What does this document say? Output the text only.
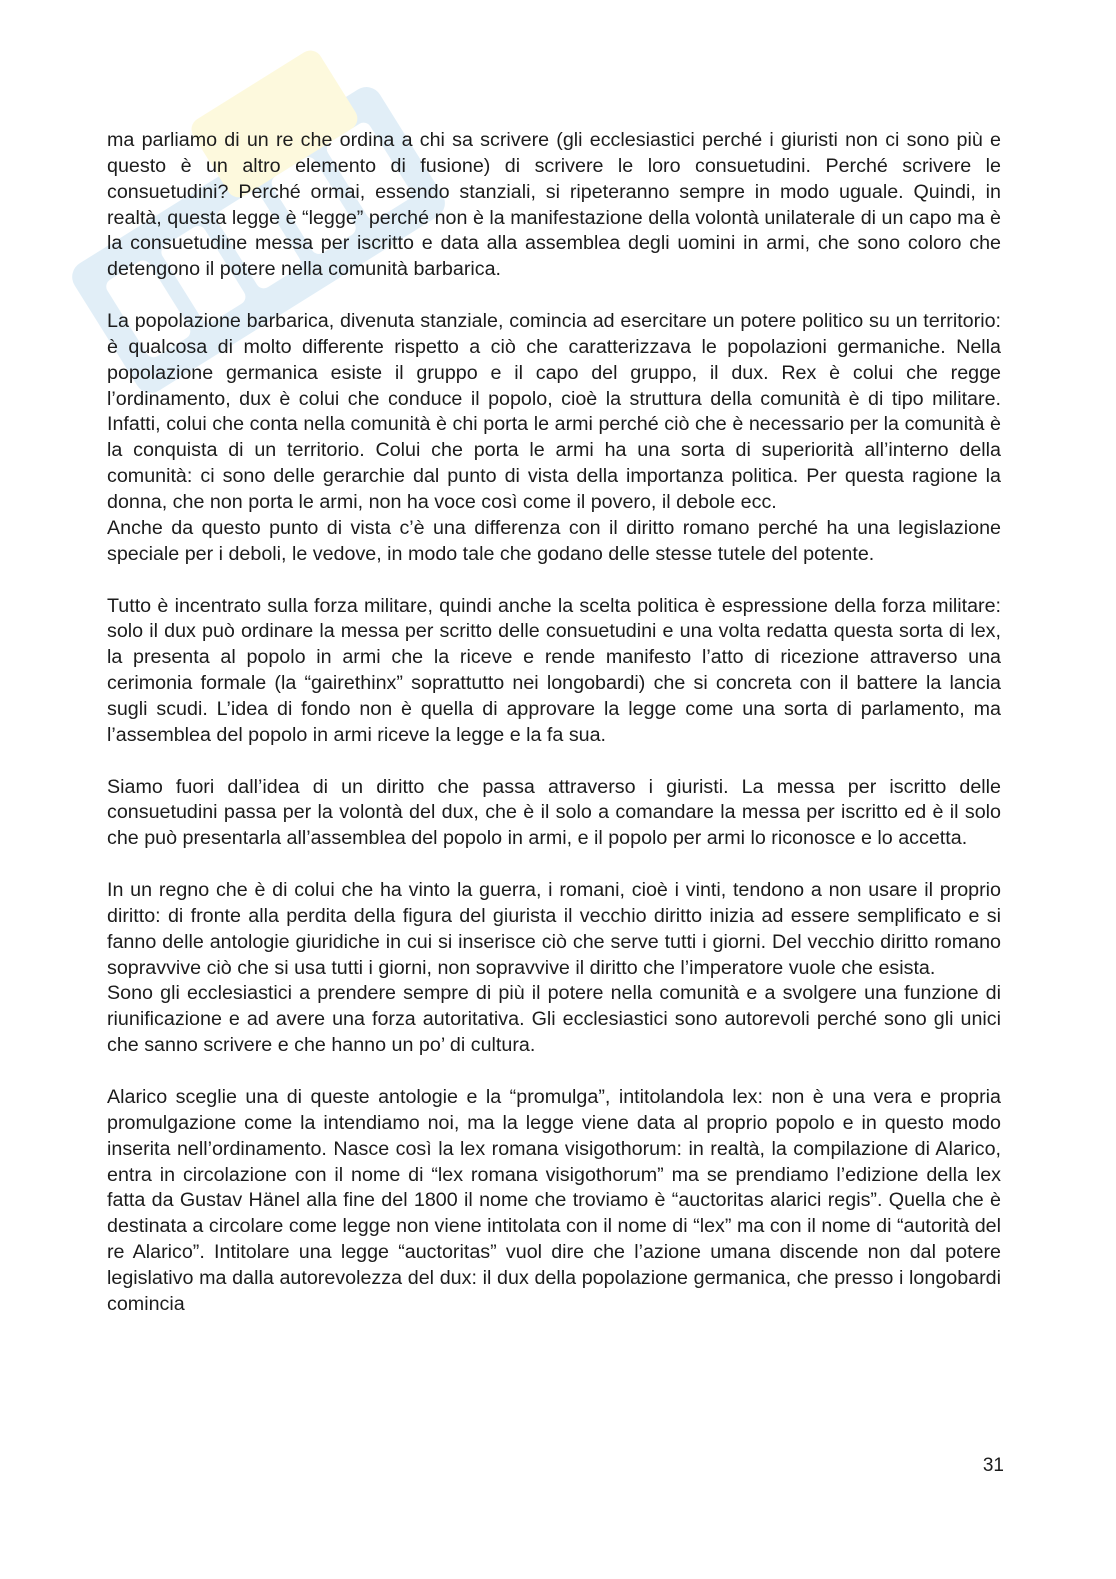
ma parliamo di un re che ordina a chi sa scrivere (gli ecclesiastici perché i giuristi non ci sono più e questo è un altro elemento di fusione) di scrivere le loro consuetudini. Perché scrivere le consuetudini? Perché ormai, essendo stanziali, si ripeteranno sempre in modo uguale. Quindi, in realtà, questa legge è “legge” perché non è la manifestazione della volontà unilaterale di un capo ma è la consuetudine messa per iscritto e data alla assemblea degli uomini in armi, che sono coloro che detengono il potere nella comunità barbarica.

La popolazione barbarica, divenuta stanziale, comincia ad esercitare un potere politico su un territorio: è qualcosa di molto differente rispetto a ciò che caratterizzava le popolazioni germaniche. Nella popolazione germanica esiste il gruppo e il capo del gruppo, il dux. Rex è colui che regge l’ordinamento, dux è colui che conduce il popolo, cioè la struttura della comunità è di tipo militare. Infatti, colui che conta nella comunità è chi porta le armi perché ciò che è necessario per la comunità è la conquista di un territorio. Colui che porta le armi ha una sorta di superiorità all’interno della comunità: ci sono delle gerarchie dal punto di vista della importanza politica. Per questa ragione la donna, che non porta le armi, non ha voce così come il povero, il debole ecc.

Anche da questo punto di vista c’è una differenza con il diritto romano perché ha una legislazione speciale per i deboli, le vedove, in modo tale che godano delle stesse tutele del potente.

Tutto è incentrato sulla forza militare, quindi anche la scelta politica è espressione della forza militare: solo il dux può ordinare la messa per scritto delle consuetudini e una volta redatta questa sorta di lex, la presenta al popolo in armi che la riceve e rende manifesto l’atto di ricezione attraverso una cerimonia formale (la “gairethinx” soprattutto nei longobardi) che si concreta con il battere la lancia sugli scudi. L’idea di fondo non è quella di approvare la legge come una sorta di parlamento, ma l’assemblea del popolo in armi riceve la legge e la fa sua.

Siamo fuori dall’idea di un diritto che passa attraverso i giuristi. La messa per iscritto delle consuetudini passa per la volontà del dux, che è il solo a comandare la messa per iscritto ed è il solo che può presentarla all’assemblea del popolo in armi, e il popolo per armi lo riconosce e lo accetta.

In un regno che è di colui che ha vinto la guerra, i romani, cioè i vinti, tendono a non usare il proprio diritto: di fronte alla perdita della figura del giurista il vecchio diritto inizia ad essere semplificato e si fanno delle antologie giuridiche in cui si inserisce ciò che serve tutti i giorni. Del vecchio diritto romano sopravvive ciò che si usa tutti i giorni, non sopravvive il diritto che l’imperatore vuole che esista.

Sono gli ecclesiastici a prendere sempre di più il potere nella comunità e a svolgere una funzione di riunificazione e ad avere una forza autoritativa. Gli ecclesiastici sono autorevoli perché sono gli unici che sanno scrivere e che hanno un po’ di cultura.

Alarico sceglie una di queste antologie e la “promulga”, intitolandola lex: non è una vera e propria promulgazione come la intendiamo noi, ma la legge viene data al proprio popolo e in questo modo inserita nell’ordinamento. Nasce così la lex romana visigothorum: in realtà, la compilazione di Alarico, entra in circolazione con il nome di “lex romana visigothorum” ma se prendiamo l’edizione della lex fatta da Gustav Hänel alla fine del 1800 il nome che troviamo è “auctoritas alarici regis”. Quella che è destinata a circolare come legge non viene intitolata con il nome di “lex” ma con il nome di “autorità del re Alarico”. Intitolare una legge “auctoritas” vuol dire che l’azione umana discende non dal potere legislativo ma dalla autorevolezza del dux: il dux della popolazione germanica, che presso i longobardi comincia

31
